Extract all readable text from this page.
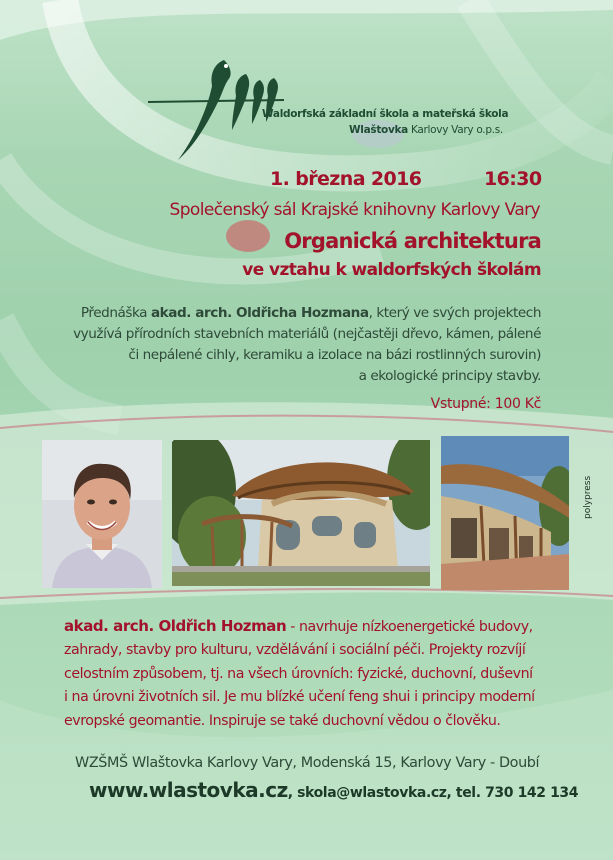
Waldorfská základní škola a mateřská škola
Wlaštovka Karlovy Vary o.p.s.
1. března 2016	16:30
Společenský sál Krajské knihovny Karlovy Vary
Organická architektura
ve vztahu k waldorfských školám
Přednáška akad. arch. Oldřicha Hozmana, který ve svých projektech
využívá přírodních stavebních materiálů (nejčastěji dřevo, kámen, pálené
či nepálené cihly, keramiku a izolace na bázi rostlinných surovin)
a ekologické principy stavby.
Vstupné: 100 Kč
polypress
akad. arch. Oldřich Hozman - navrhuje nízkoenergetické budovy,
zahrady, stavby pro kulturu, vzdělávání i sociální péči. Projekty rozvíjí
celostním způsobem, tj. na všech úrovních: fyzické, duchovní, duševní
i na úrovni životních sil. Je mu blízké učení feng shui i principy moderní
evropské geomantie. Inspiruje se také duchovní vědou o člověku.
WZŠMŠ Wlaštovka Karlovy Vary, Modenská 15, Karlovy Vary - Doubí
www.wlastovka.cz, skola@wlastovka.cz, tel. 730 142 134
